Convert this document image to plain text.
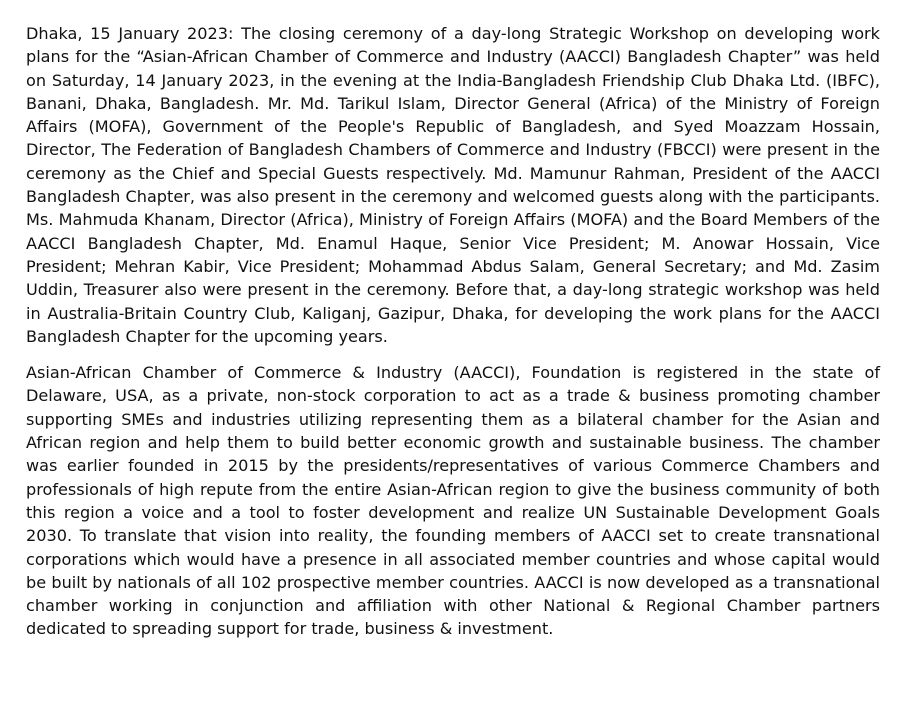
Dhaka, 15 January 2023: The closing ceremony of a day-long Strategic Workshop on developing work plans for the “Asian-African Chamber of Commerce and Industry (AACCI) Bangladesh Chapter” was held on Saturday, 14 January 2023, in the evening at the India-Bangladesh Friendship Club Dhaka Ltd. (IBFC), Banani, Dhaka, Bangladesh. Mr. Md. Tarikul Islam, Director General (Africa) of the Ministry of Foreign Affairs (MOFA), Government of the People's Republic of Bangladesh, and Syed Moazzam Hossain, Director, The Federation of Bangladesh Chambers of Commerce and Industry (FBCCI) were present in the ceremony as the Chief and Special Guests respectively. Md. Mamunur Rahman, President of the AACCI Bangladesh Chapter, was also present in the ceremony and welcomed guests along with the participants. Ms. Mahmuda Khanam, Director (Africa), Ministry of Foreign Affairs (MOFA) and the Board Members of the AACCI Bangladesh Chapter, Md. Enamul Haque, Senior Vice President; M. Anowar Hossain, Vice President; Mehran Kabir, Vice President; Mohammad Abdus Salam, General Secretary; and Md. Zasim Uddin, Treasurer also were present in the ceremony. Before that, a day-long strategic workshop was held in Australia-Britain Country Club, Kaliganj, Gazipur, Dhaka, for developing the work plans for the AACCI Bangladesh Chapter for the upcoming years.

Asian-African Chamber of Commerce & Industry (AACCI), Foundation is registered in the state of Delaware, USA, as a private, non-stock corporation to act as a trade & business promoting chamber supporting SMEs and industries utilizing representing them as a bilateral chamber for the Asian and African region and help them to build better economic growth and sustainable business. The chamber was earlier founded in 2015 by the presidents/representatives of various Commerce Chambers and professionals of high repute from the entire Asian-African region to give the business community of both this region a voice and a tool to foster development and realize UN Sustainable Development Goals 2030. To translate that vision into reality, the founding members of AACCI set to create transnational corporations which would have a presence in all associated member countries and whose capital would be built by nationals of all 102 prospective member countries. AACCI is now developed as a transnational chamber working in conjunction and affiliation with other National & Regional Chamber partners dedicated to spreading support for trade, business & investment.
